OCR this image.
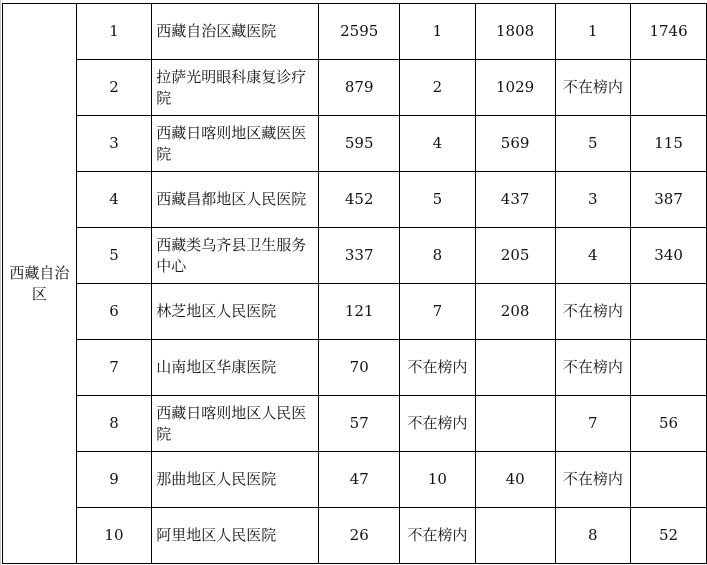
西藏自治区	1	西藏自治区藏医院	2595	1	1808	1	1746
	2	拉萨光明眼科康复诊疗院	879	2	1029	不在榜内	
	3	西藏日喀则地区藏医医院	595	4	569	5	115
	4	西藏昌都地区人民医院	452	5	437	3	387
	5	西藏类乌齐县卫生服务中心	337	8	205	4	340
	6	林芝地区人民医院	121	7	208	不在榜内	
	7	山南地区华康医院	70	不在榜内		不在榜内	
	8	西藏日喀则地区人民医院	57	不在榜内		7	56
	9	那曲地区人民医院	47	10	40	不在榜内	
	10	阿里地区人民医院	26	不在榜内		8	52
